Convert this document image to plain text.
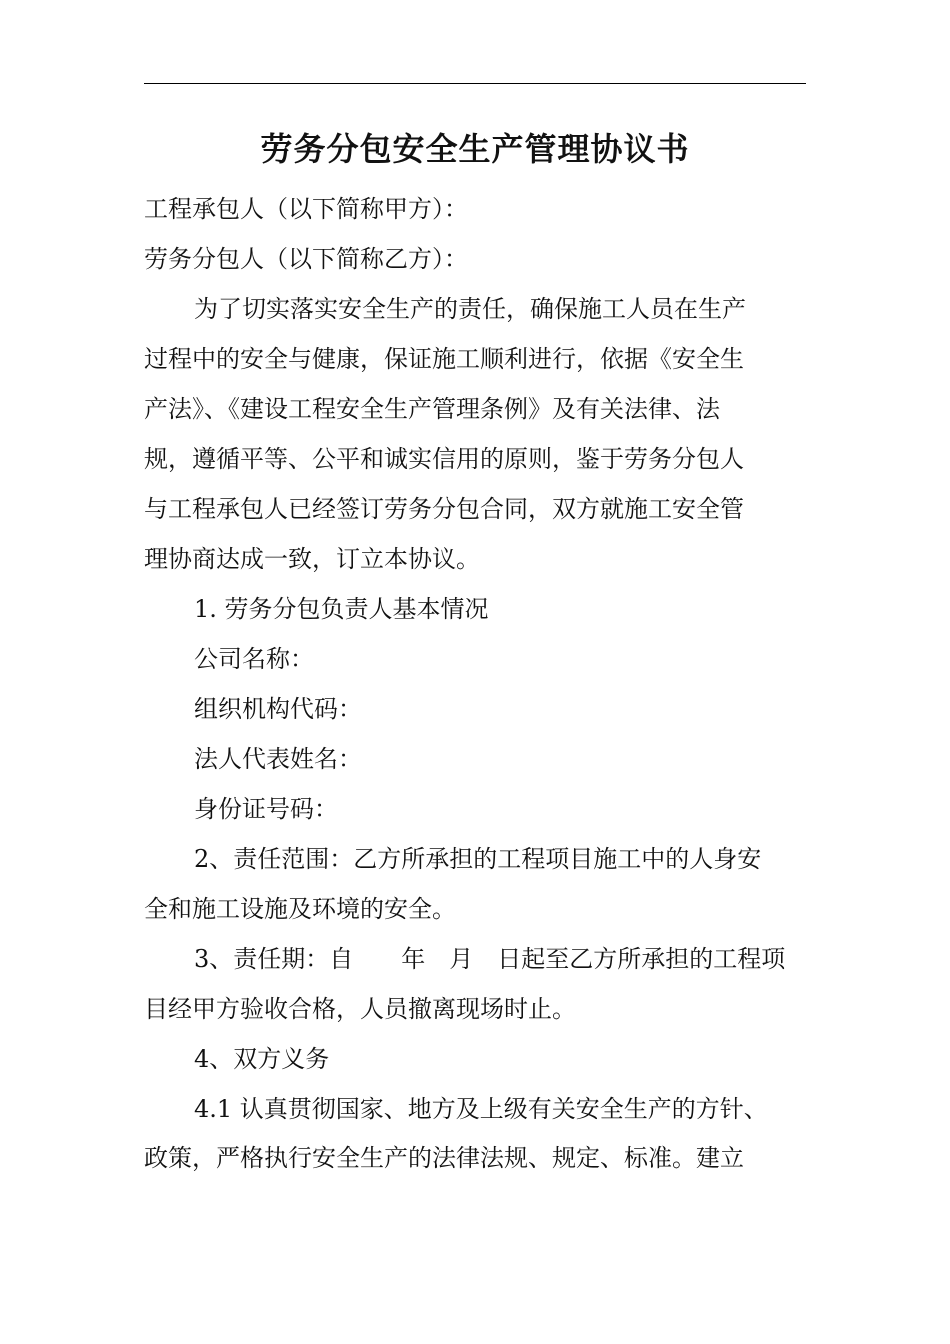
劳务分包安全生产管理协议书
工程承包人（以下简称甲方）：
劳务分包人（以下简称乙方）：
为了切实落实安全生产的责任，确保施工人员在生产
过程中的安全与健康，保证施工顺利进行，依据《安全生
产法》、《建设工程安全生产管理条例》及有关法律、法
规，遵循平等、公平和诚实信用的原则，鉴于劳务分包人
与工程承包人已经签订劳务分包合同，双方就施工安全管
理协商达成一致，订立本协议。
1. 劳务分包负责人基本情况
公司名称：
组织机构代码：
法人代表姓名：
身份证号码：
2、责任范围：乙方所承担的工程项目施工中的人身安
全和施工设施及环境的安全。
3、责任期：自　　年　月　日起至乙方所承担的工程项
目经甲方验收合格，人员撤离现场时止。
4、双方义务
4.1 认真贯彻国家、地方及上级有关安全生产的方针、
政策，严格执行安全生产的法律法规、规定、标准。建立
